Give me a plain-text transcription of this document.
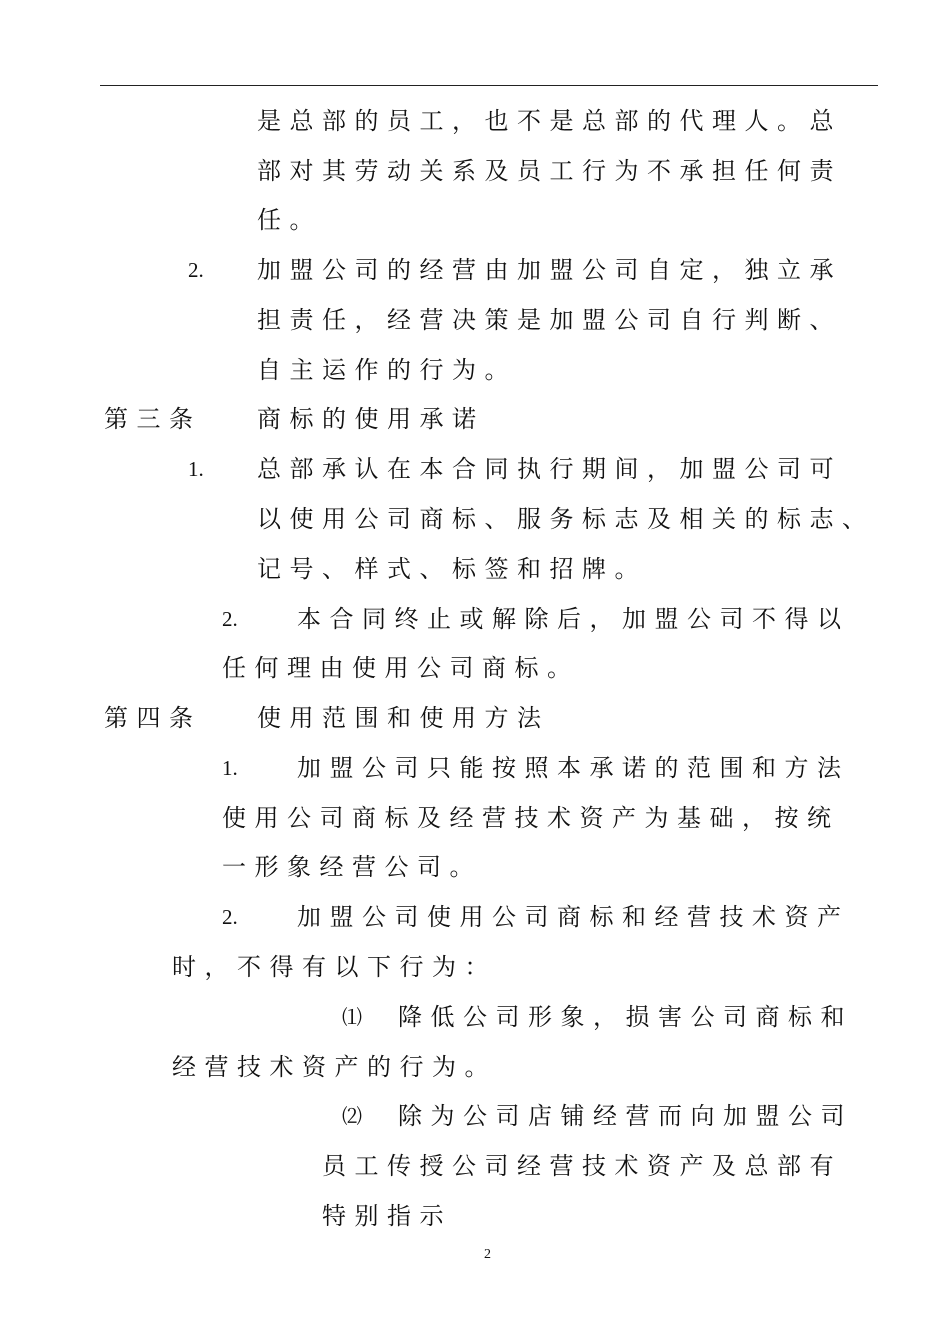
是总部的员工，也不是总部的代理人。总
部对其劳动关系及员工行为不承担任何责
任。
2. 加盟公司的经营由加盟公司自定，独立承
担责任，经营决策是加盟公司自行判断、
自主运作的行为。
第三条 商标的使用承诺
1. 总部承认在本合同执行期间，加盟公司可
以使用公司商标、服务标志及相关的标志、
记号、样式、标签和招牌。
2. 本合同终止或解除后，加盟公司不得以
任何理由使用公司商标。
第四条 使用范围和使用方法
1. 加盟公司只能按照本承诺的范围和方法
使用公司商标及经营技术资产为基础，按统
一形象经营公司。
2. 加盟公司使用公司商标和经营技术资产
时，不得有以下行为：
⑴ 降低公司形象，损害公司商标和
经营技术资产的行为。
⑵ 除为公司店铺经营而向加盟公司
员工传授公司经营技术资产及总部有
特别指示
2
